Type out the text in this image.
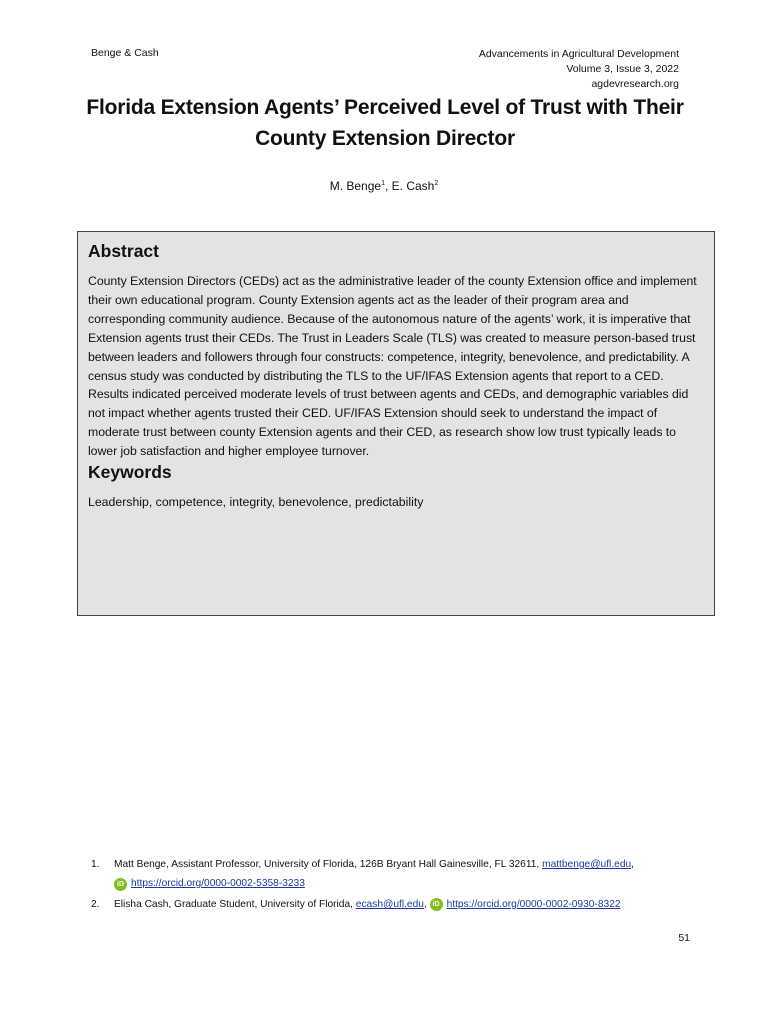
Benge & Cash	Advancements in Agricultural Development
Volume 3, Issue 3, 2022
agdevresearch.org
Florida Extension Agents’ Perceived Level of Trust with Their
County Extension Director
M. Benge$^1$, E. Cash$^2$
Abstract

County Extension Directors (CEDs) act as the administrative leader of the county Extension office and implement their own educational program. County Extension agents act as the leader of their program area and corresponding community audience. Because of the autonomous nature of the agents’ work, it is imperative that Extension agents trust their CEDs. The Trust in Leaders Scale (TLS) was created to measure person-based trust between leaders and followers through four constructs: competence, integrity, benevolence, and predictability. A census study was conducted by distributing the TLS to the UF/IFAS Extension agents that report to a CED. Results indicated perceived moderate levels of trust between agents and CEDs, and demographic variables did not impact whether agents trusted their CED. UF/IFAS Extension should seek to understand the impact of moderate trust between county Extension agents and their CED, as research show low trust typically leads to lower job satisfaction and higher employee turnover.

Keywords

Leadership, competence, integrity, benevolence, predictability

1. Matt Benge, Assistant Professor, University of Florida, 126B Bryant Hall Gainesville, FL 32611, mattbenge@ufl.edu,
iD https://orcid.org/0000-0002-5358-3233
2. Elisha Cash, Graduate Student, University of Florida, ecash@ufl.edu, iD https://orcid.org/0000-0002-0930-8322
51
